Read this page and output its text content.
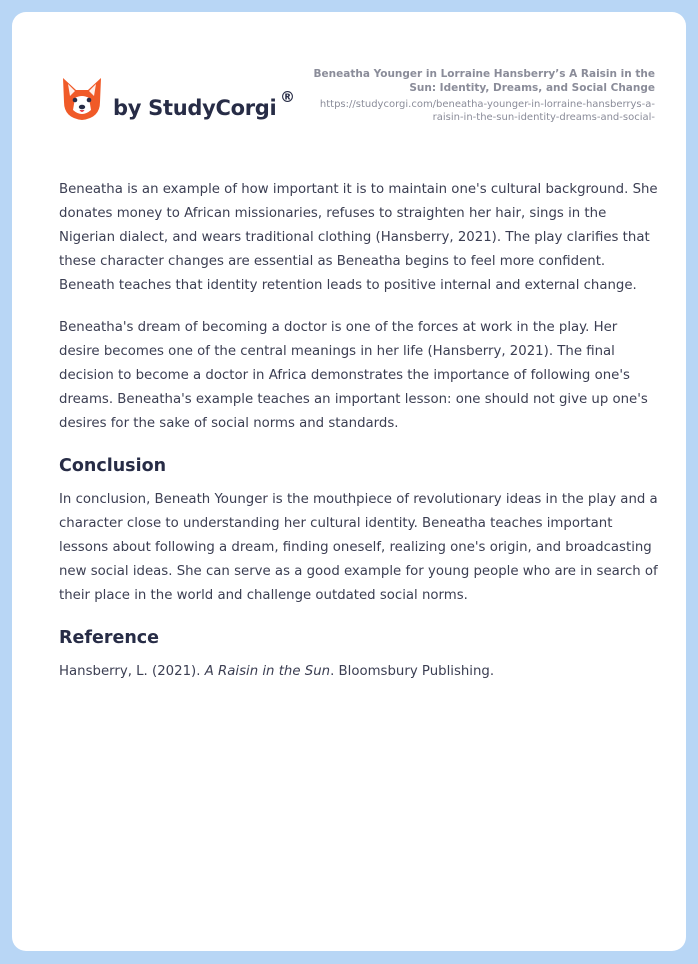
by StudyCorgi ®
Beneatha Younger in Lorraine Hansberry’s A Raisin in the Sun: Identity, Dreams, and Social Change
https://studycorgi.com/beneatha-younger-in-lorraine-hansberrys-a-raisin-in-the-sun-identity-dreams-and-social-

Beneatha is an example of how important it is to maintain one's cultural background. She donates money to African missionaries, refuses to straighten her hair, sings in the Nigerian dialect, and wears traditional clothing (Hansberry, 2021). The play clarifies that these character changes are essential as Beneatha begins to feel more confident. Beneath teaches that identity retention leads to positive internal and external change.

Beneatha's dream of becoming a doctor is one of the forces at work in the play. Her desire becomes one of the central meanings in her life (Hansberry, 2021). The final decision to become a doctor in Africa demonstrates the importance of following one's dreams. Beneatha's example teaches an important lesson: one should not give up one's desires for the sake of social norms and standards.

Conclusion

In conclusion, Beneath Younger is the mouthpiece of revolutionary ideas in the play and a character close to understanding her cultural identity. Beneatha teaches important lessons about following a dream, finding oneself, realizing one's origin, and broadcasting new social ideas. She can serve as a good example for young people who are in search of their place in the world and challenge outdated social norms.

Reference

Hansberry, L. (2021). A Raisin in the Sun. Bloomsbury Publishing.
